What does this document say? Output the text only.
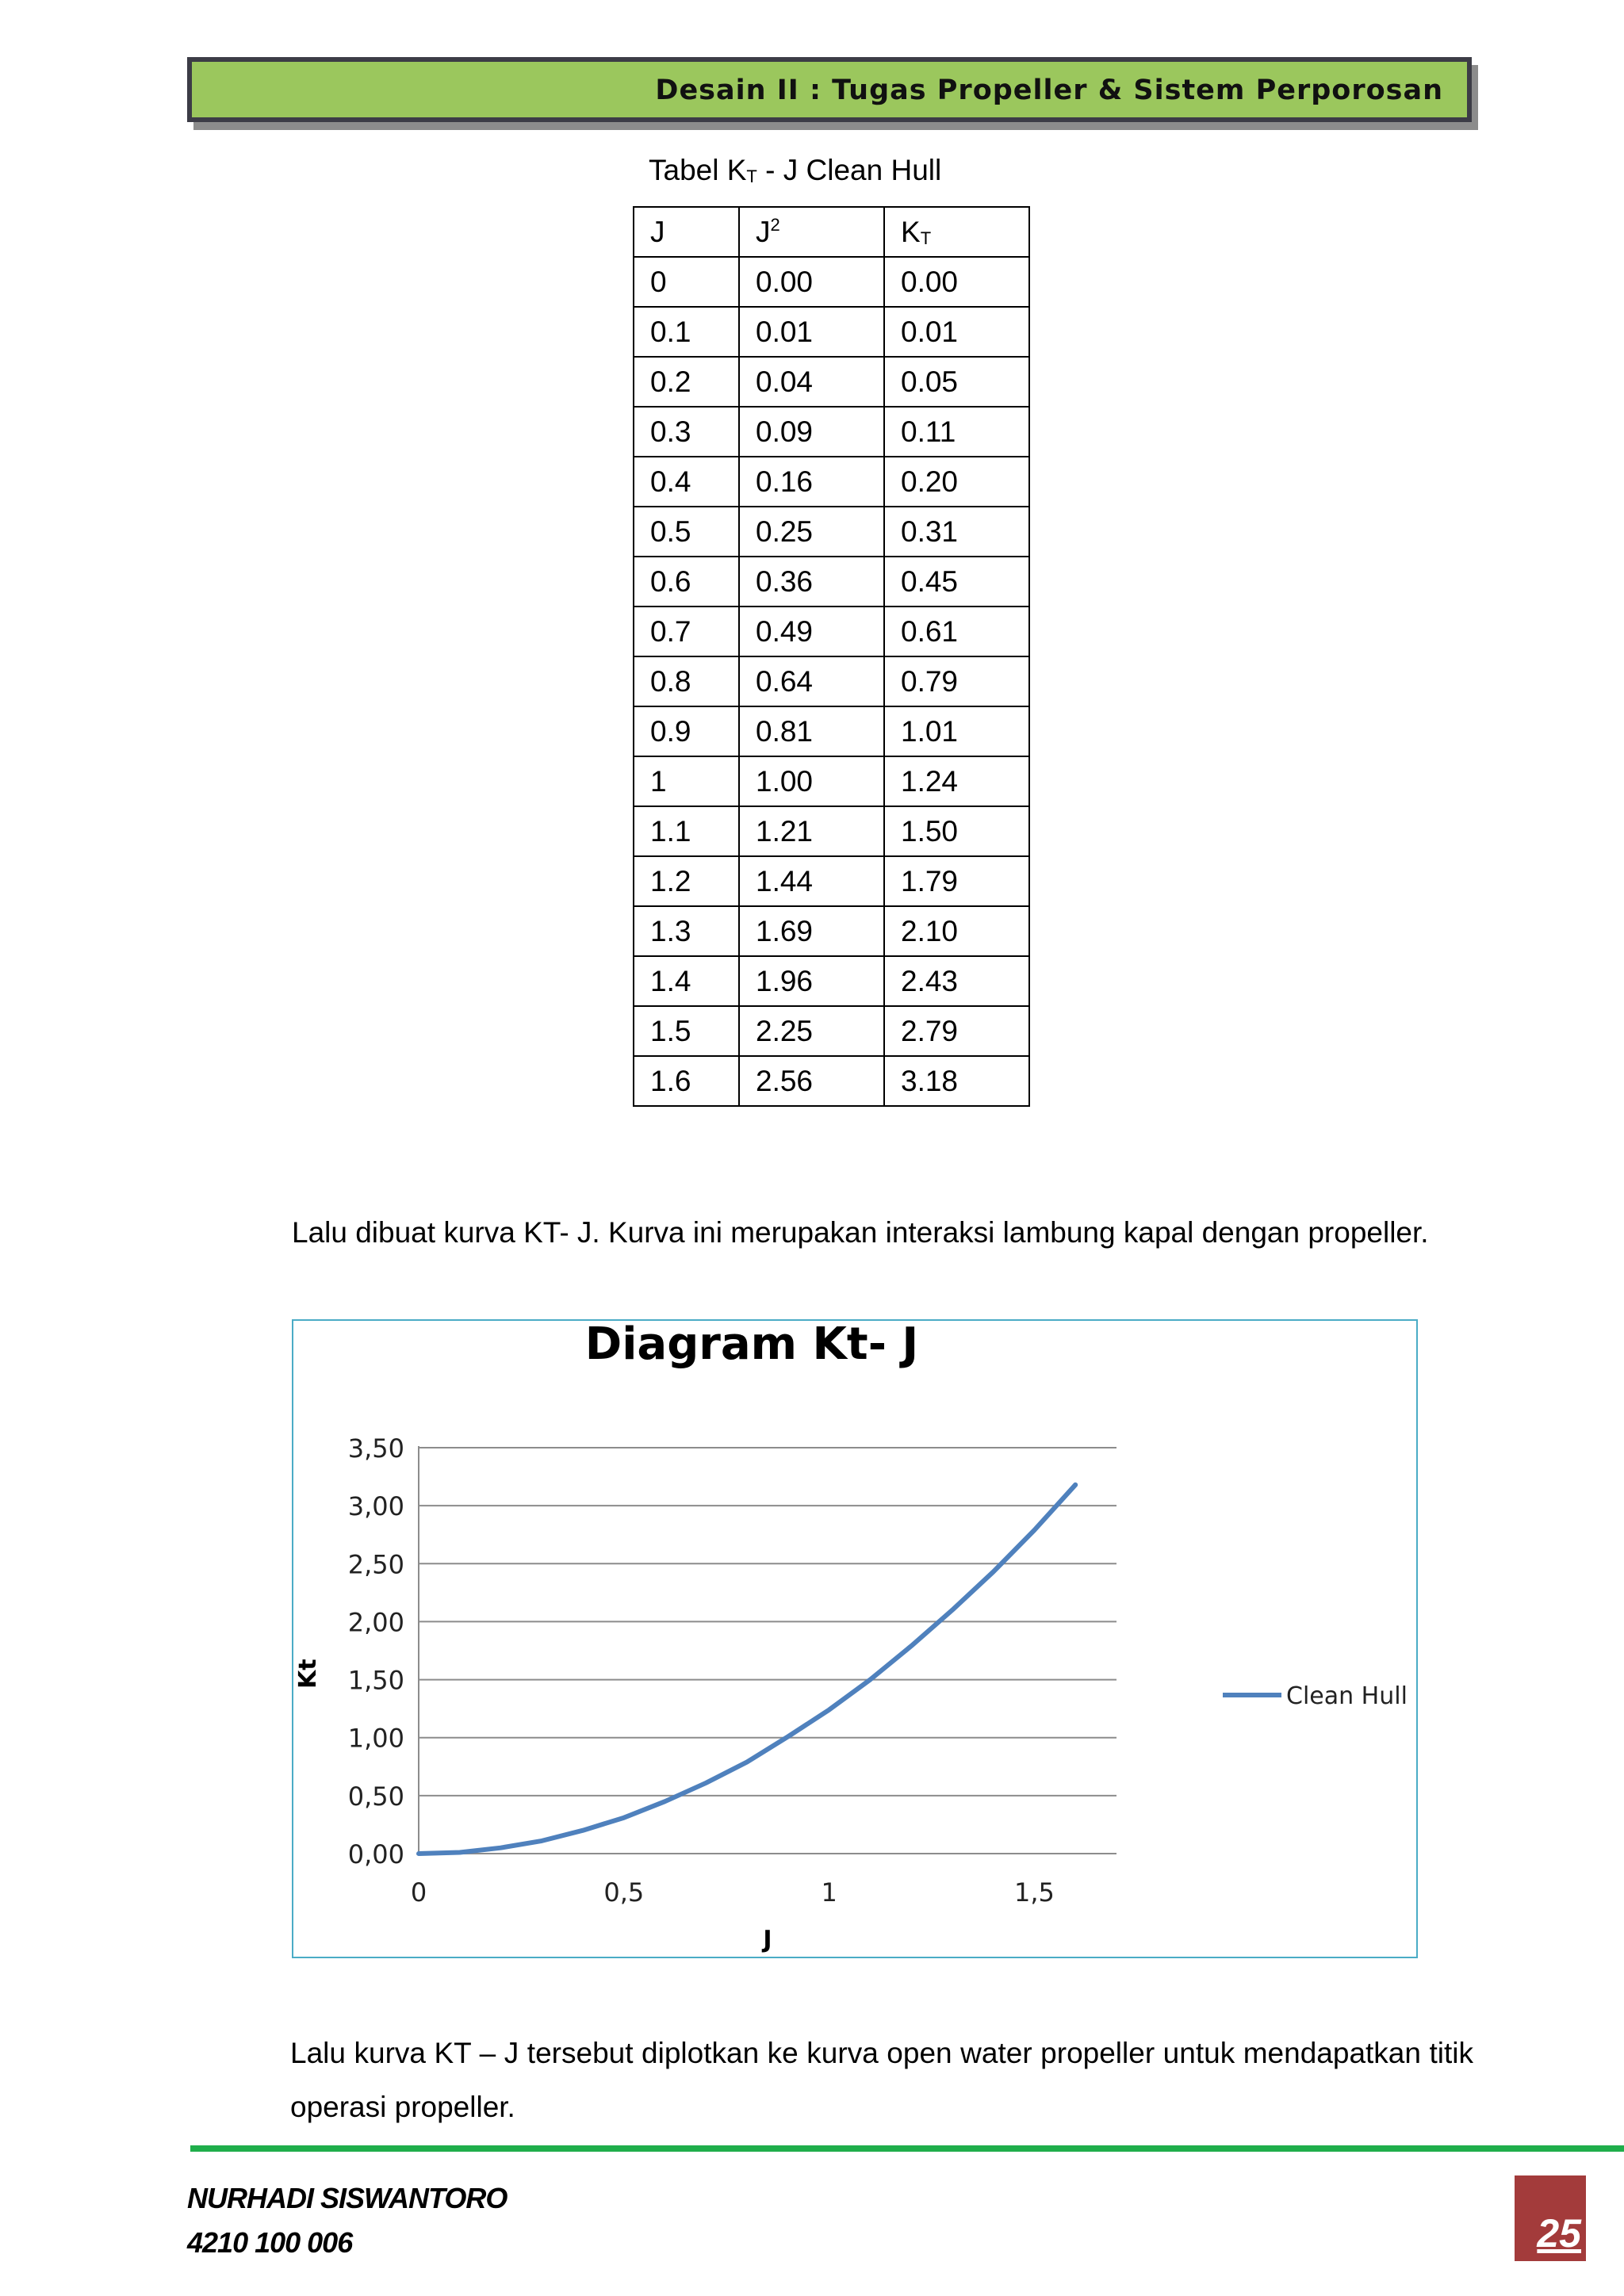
Desain II : Tugas Propeller & Sistem Perporosan
Tabel $K_T$ - J Clean Hull
J	$J^2$	KT
0	0.00	0.00
0.1	0.01	0.01
0.2	0.04	0.05
0.3	0.09	0.11
0.4	0.16	0.20
0.5	0.25	0.31
0.6	0.36	0.45
0.7	0.49	0.61
0.8	0.64	0.79
0.9	0.81	1.01
1	1.00	1.24
1.1	1.21	1.50
1.2	1.44	1.79
1.3	1.69	2.10
1.4	1.96	2.43
1.5	2.25	2.79
1.6	2.56	3.18
Lalu dibuat kurva KT- J. Kurva ini merupakan interaksi lambung kapal dengan propeller.
Diagram Kt- J
0,00
0,50
1,00
1,50
2,00
2,50
3,00
3,50
0	0,5	1	1,5
J
Kt
Clean Hull
Lalu kurva KT – J tersebut diplotkan ke kurva open water propeller untuk mendapatkan titik operasi propeller.
NURHADI SISWANTORO
4210 100 006	25
